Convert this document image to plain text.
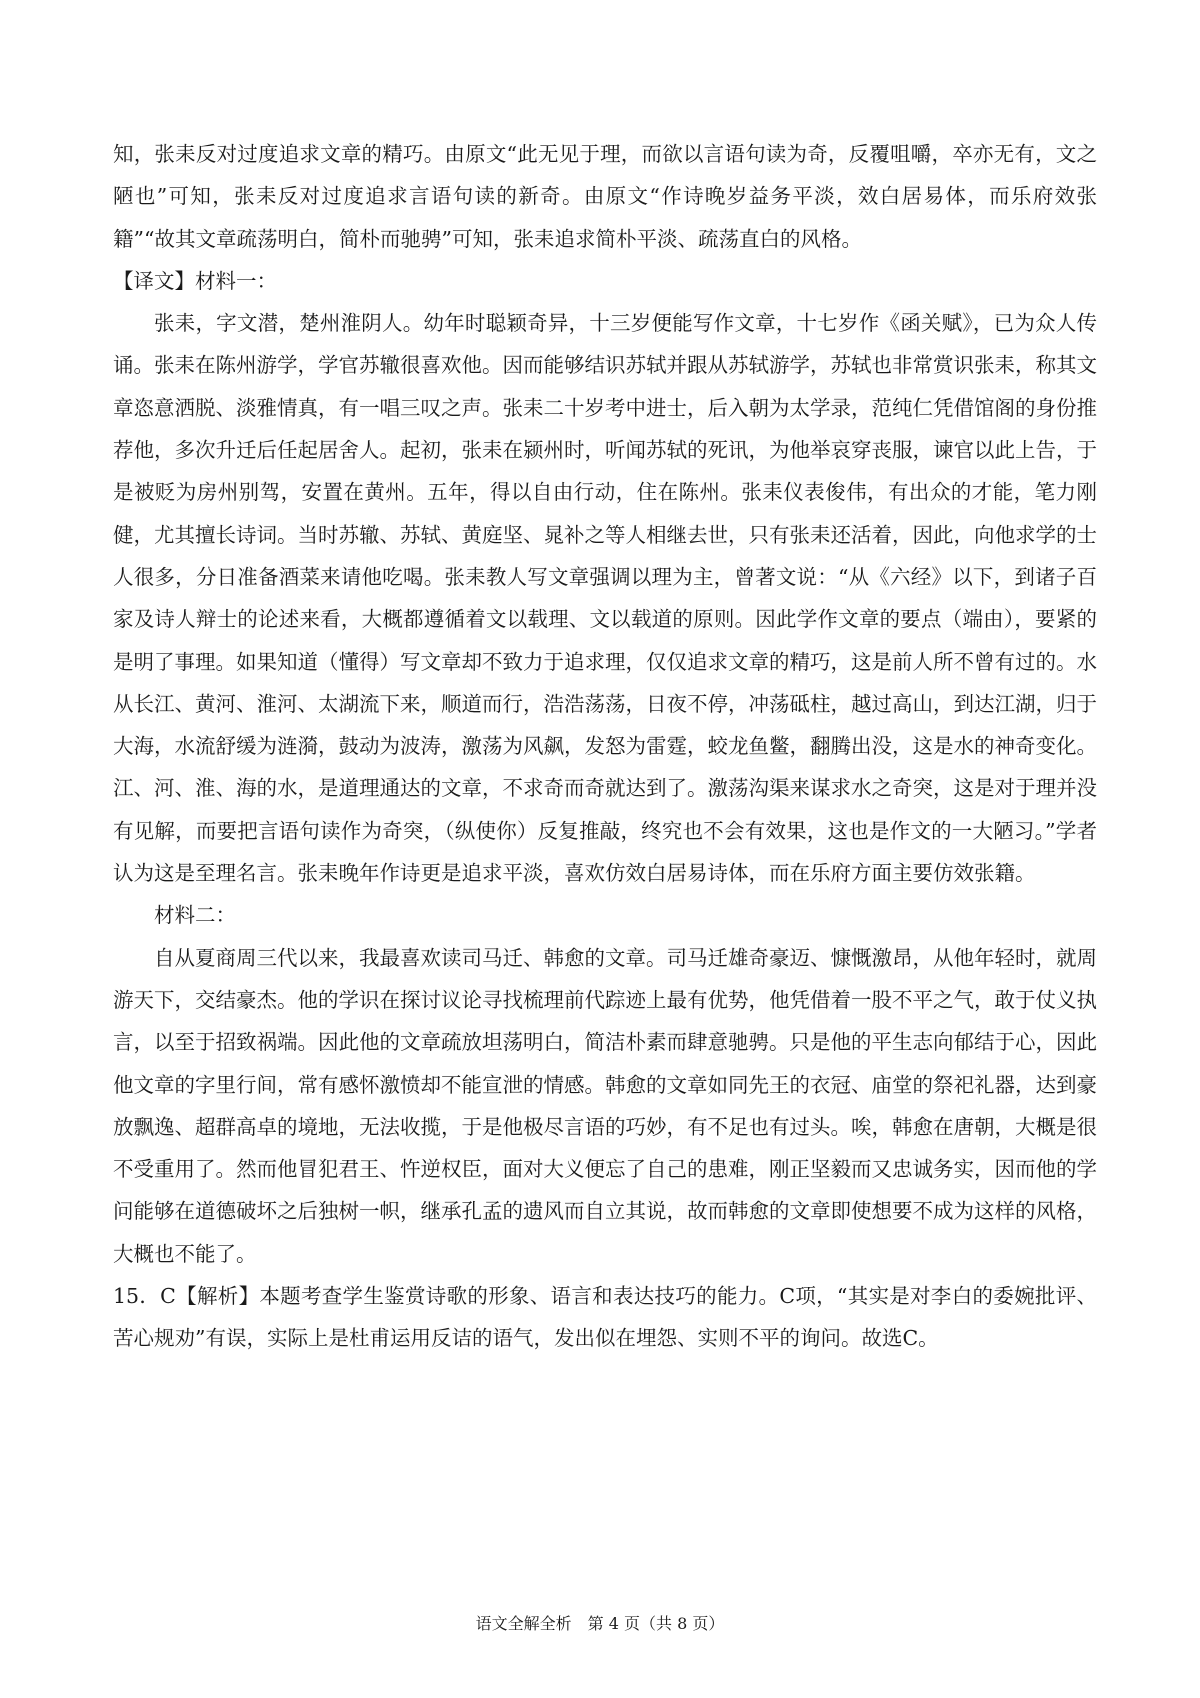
知，张耒反对过度追求文章的精巧。由原文“此无见于理，而欲以言语句读为奇，反覆咀嚼，卒亦无有，文之陋也”可知，张耒反对过度追求言语句读的新奇。由原文“作诗晚岁益务平淡，效白居易体，而乐府效张籍”“故其文章疏荡明白，简朴而驰骋”可知，张耒追求简朴平淡、疏荡直白的风格。

【译文】材料一：

张耒，字文潜，楚州淮阴人。幼年时聪颖奇异，十三岁便能写作文章，十七岁作《函关赋》，已为众人传诵。张耒在陈州游学，学官苏辙很喜欢他。因而能够结识苏轼并跟从苏轼游学，苏轼也非常赏识张耒，称其文章恣意洒脱、淡雅情真，有一唱三叹之声。张耒二十岁考中进士，后入朝为太学录，范纯仁凭借馆阁的身份推荐他，多次升迁后任起居舍人。起初，张耒在颍州时，听闻苏轼的死讯，为他举哀穿丧服，谏官以此上告，于是被贬为房州别驾，安置在黄州。五年，得以自由行动，住在陈州。张耒仪表俊伟，有出众的才能，笔力刚健，尤其擅长诗词。当时苏辙、苏轼、黄庭坚、晁补之等人相继去世，只有张耒还活着，因此，向他求学的士人很多，分日准备酒菜来请他吃喝。张耒教人写文章强调以理为主，曾著文说：“从《六经》以下，到诸子百家及诗人辩士的论述来看，大概都遵循着文以载理、文以载道的原则。因此学作文章的要点（端由），要紧的是明了事理。如果知道（懂得）写文章却不致力于追求理，仅仅追求文章的精巧，这是前人所不曾有过的。水从长江、黄河、淮河、太湖流下来，顺道而行，浩浩荡荡，日夜不停，冲荡砥柱，越过高山，到达江湖，归于大海，水流舒缓为涟漪，鼓动为波涛，激荡为风飙，发怒为雷霆，蛟龙鱼鳖，翻腾出没，这是水的神奇变化。江、河、淮、海的水，是道理通达的文章，不求奇而奇就达到了。激荡沟渠来谋求水之奇突，这是对于理并没有见解，而要把言语句读作为奇突，（纵使你）反复推敲，终究也不会有效果，这也是作文的一大陋习。”学者认为这是至理名言。张耒晚年作诗更是追求平淡，喜欢仿效白居易诗体，而在乐府方面主要仿效张籍。

材料二：

自从夏商周三代以来，我最喜欢读司马迁、韩愈的文章。司马迁雄奇豪迈、慷慨激昂，从他年轻时，就周游天下，交结豪杰。他的学识在探讨议论寻找梳理前代踪迹上最有优势，他凭借着一股不平之气，敢于仗义执言，以至于招致祸端。因此他的文章疏放坦荡明白，简洁朴素而肆意驰骋。只是他的平生志向郁结于心，因此他文章的字里行间，常有感怀激愤却不能宣泄的情感。韩愈的文章如同先王的衣冠、庙堂的祭祀礼器，达到豪放飘逸、超群高卓的境地，无法收揽，于是他极尽言语的巧妙，有不足也有过头。唉，韩愈在唐朝，大概是很不受重用了。然而他冒犯君王、忤逆权臣，面对大义便忘了自己的患难，刚正坚毅而又忠诚务实，因而他的学问能够在道德破坏之后独树一帜，继承孔孟的遗风而自立其说，故而韩愈的文章即使想要不成为这样的风格，大概也不能了。

15．C【解析】本题考查学生鉴赏诗歌的形象、语言和表达技巧的能力。C项，“其实是对李白的委婉批评、苦心规劝”有误，实际上是杜甫运用反诘的语气，发出似在埋怨、实则不平的询问。故选C。

语文全解全析　第 4 页（共 8 页）
